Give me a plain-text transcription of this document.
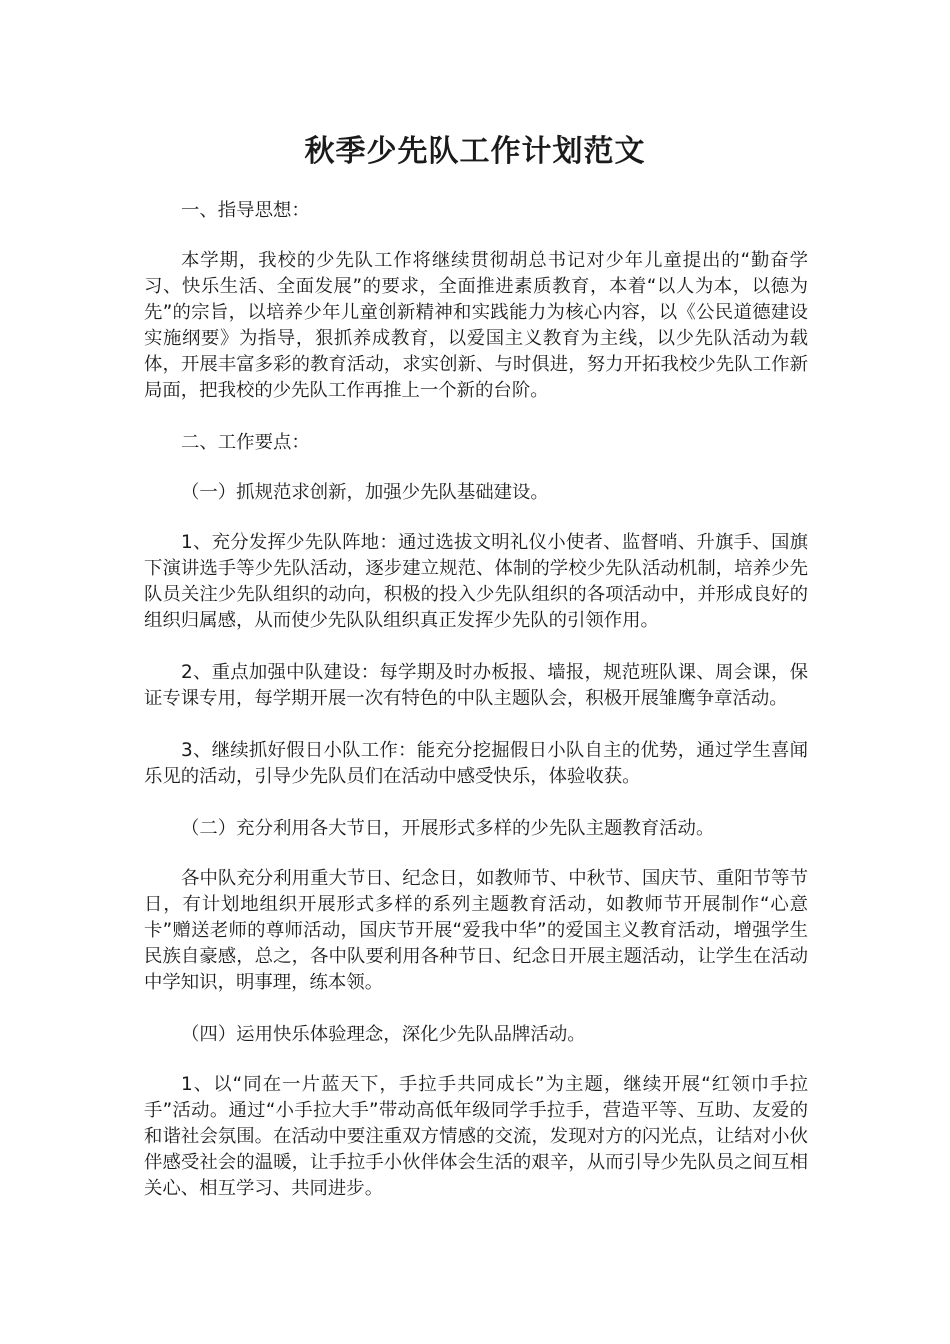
秋季少先队工作计划范文

一、指导思想：

本学期，我校的少先队工作将继续贯彻胡总书记对少年儿童提出的“勤奋学习、快乐生活、全面发展”的要求，全面推进素质教育，本着“以人为本，以德为先”的宗旨，以培养少年儿童创新精神和实践能力为核心内容，以《公民道德建设实施纲要》为指导，狠抓养成教育，以爱国主义教育为主线，以少先队活动为载体，开展丰富多彩的教育活动，求实创新、与时俱进，努力开拓我校少先队工作新局面，把我校的少先队工作再推上一个新的台阶。

二、工作要点：

（一）抓规范求创新，加强少先队基础建设。

1、充分发挥少先队阵地：通过选拔文明礼仪小使者、监督哨、升旗手、国旗下演讲选手等少先队活动，逐步建立规范、体制的学校少先队活动机制，培养少先队员关注少先队组织的动向，积极的投入少先队组织的各项活动中，并形成良好的组织归属感，从而使少先队队组织真正发挥少先队的引领作用。

2、重点加强中队建设：每学期及时办板报、墙报，规范班队课、周会课，保证专课专用，每学期开展一次有特色的中队主题队会，积极开展雏鹰争章活动。

3、继续抓好假日小队工作：能充分挖掘假日小队自主的优势，通过学生喜闻乐见的活动，引导少先队员们在活动中感受快乐，体验收获。

（二）充分利用各大节日，开展形式多样的少先队主题教育活动。

各中队充分利用重大节日、纪念日，如教师节、中秋节、国庆节、重阳节等节日，有计划地组织开展形式多样的系列主题教育活动，如教师节开展制作“心意卡”赠送老师的尊师活动，国庆节开展“爱我中华”的爱国主义教育活动，增强学生民族自豪感，总之，各中队要利用各种节日、纪念日开展主题活动，让学生在活动中学知识，明事理，练本领。

（四）运用快乐体验理念，深化少先队品牌活动。

1、以“同在一片蓝天下，手拉手共同成长”为主题，继续开展“红领巾手拉手”活动。通过“小手拉大手”带动高低年级同学手拉手，营造平等、互助、友爱的和谐社会氛围。在活动中要注重双方情感的交流，发现对方的闪光点，让结对小伙伴感受社会的温暖，让手拉手小伙伴体会生活的艰辛，从而引导少先队员之间互相关心、相互学习、共同进步。
